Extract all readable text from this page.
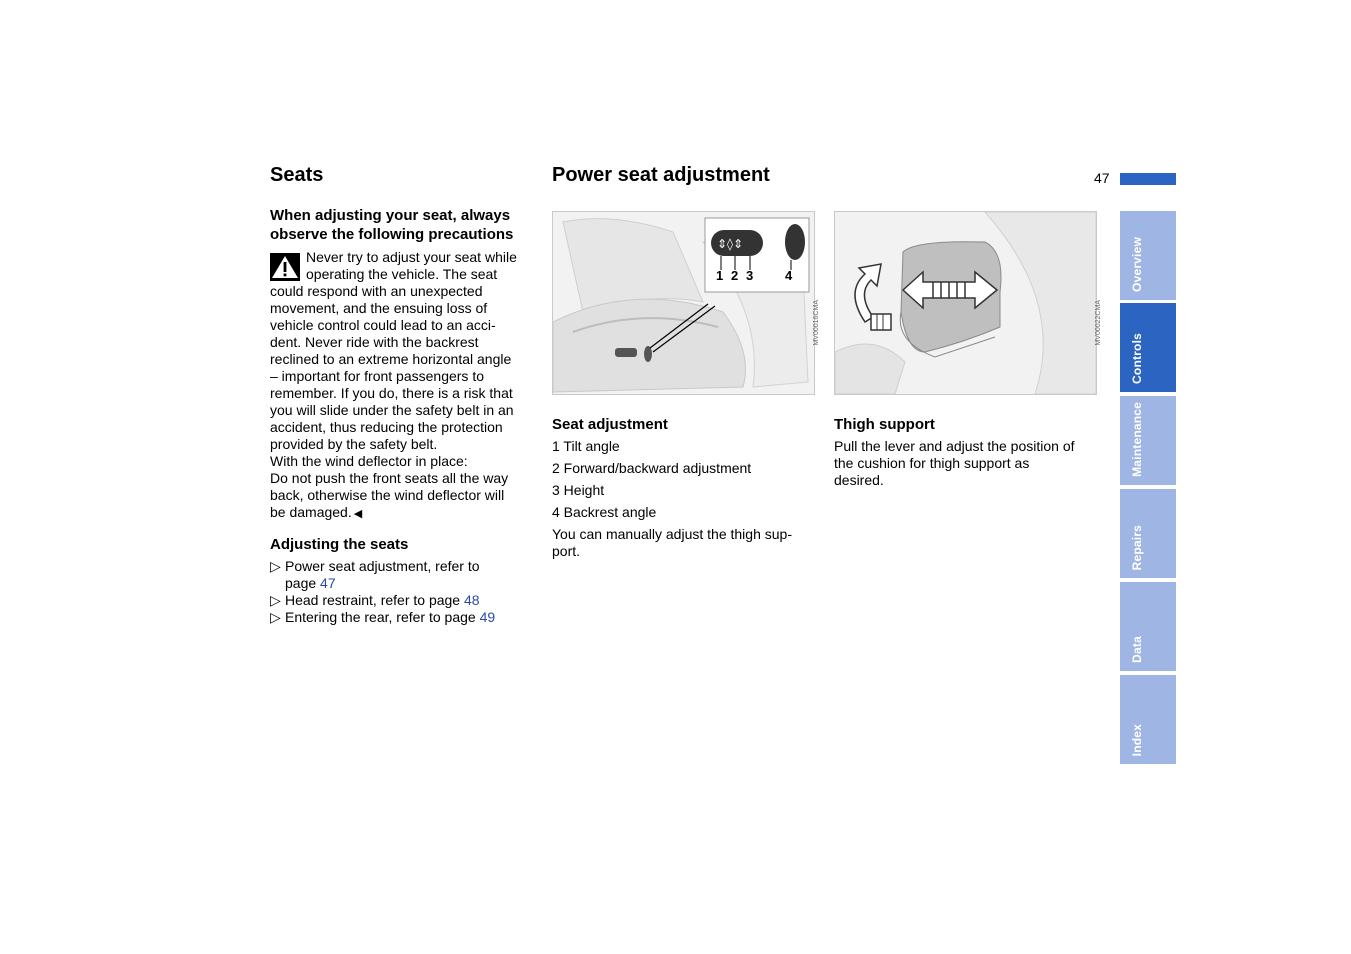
Seats	Power seat adjustment	47
Overview
Controls
Maintenance
Repairs
Data
Index
When adjusting your seat, always observe the following precautions
Never try to adjust your seat while
operating the vehicle. The seat
could respond with an unexpected
movement, and the ensuing loss of
vehicle control could lead to an acci-
dent. Never ride with the backrest
reclined to an extreme horizontal angle
– important for front passengers to
remember. If you do, there is a risk that
you will slide under the safety belt in an
accident, thus reducing the protection
provided by the safety belt.
With the wind deflector in place:
Do not push the front seats all the way
back, otherwise the wind deflector will
be damaged. ◀
Adjusting the seats
▷ Power seat adjustment, refer to
page 47
▷ Head restraint, refer to page 48
▷ Entering the rear, refer to page 49
⇕◊⇕
1 2 3 4
MV00016CMA	MV00022CMA
Seat adjustment
1 Tilt angle
2 Forward/backward adjustment
3 Height
4 Backrest angle
You can manually adjust the thigh sup-
port.
Thigh support
Pull the lever and adjust the position of
the cushion for thigh support as
desired.
